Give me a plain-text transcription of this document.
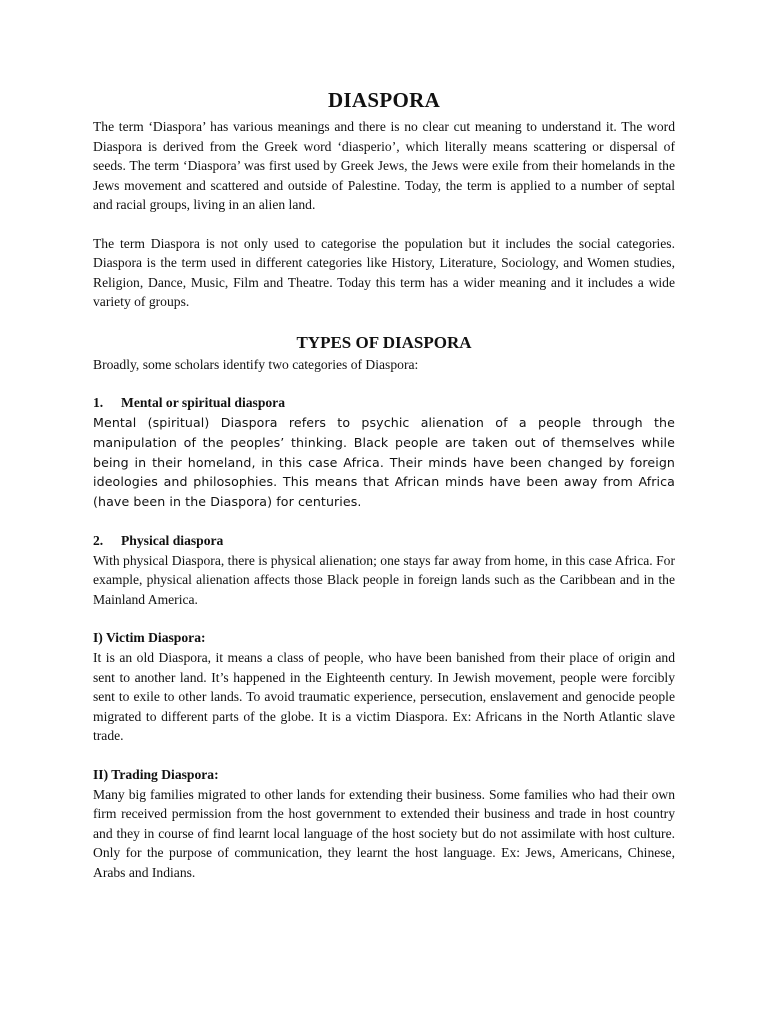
DIASPORA

The term ‘Diaspora’ has various meanings and there is no clear cut meaning to understand it. The word Diaspora is derived from the Greek word ‘diasperio’, which literally means scattering or dispersal of seeds. The term ‘Diaspora’ was first used by Greek Jews, the Jews were exile from their homelands in the Jews movement and scattered and outside of Palestine. Today, the term is applied to a number of septal and racial groups, living in an alien land.

The term Diaspora is not only used to categorise the population but it includes the social categories. Diaspora is the term used in different categories like History, Literature, Sociology, and Women studies, Religion, Dance, Music, Film and Theatre. Today this term has a wider meaning and it includes a wide variety of groups.

TYPES OF DIASPORA

Broadly, some scholars identify two categories of Diaspora:

1. Mental or spiritual diaspora

Mental (spiritual) Diaspora refers to psychic alienation of a people through the manipulation of the peoples’ thinking. Black people are taken out of themselves while being in their homeland, in this case Africa. Their minds have been changed by foreign ideologies and philosophies. This means that African minds have been away from Africa (have been in the Diaspora) for centuries.

2. Physical diaspora

With physical Diaspora, there is physical alienation; one stays far away from home, in this case Africa. For example, physical alienation affects those Black people in foreign lands such as the Caribbean and in the Mainland America.

I) Victim Diaspora:

It is an old Diaspora, it means a class of people, who have been banished from their place of origin and sent to another land. It’s happened in the Eighteenth century. In Jewish movement, people were forcibly sent to exile to other lands. To avoid traumatic experience, persecution, enslavement and genocide people migrated to different parts of the globe. It is a victim Diaspora. Ex: Africans in the North Atlantic slave trade.

II) Trading Diaspora:

Many big families migrated to other lands for extending their business. Some families who had their own firm received permission from the host government to extended their business and trade in host country and they in course of find learnt local language of the host society but do not assimilate with host culture. Only for the purpose of communication, they learnt the host language. Ex: Jews, Americans, Chinese, Arabs and Indians.
